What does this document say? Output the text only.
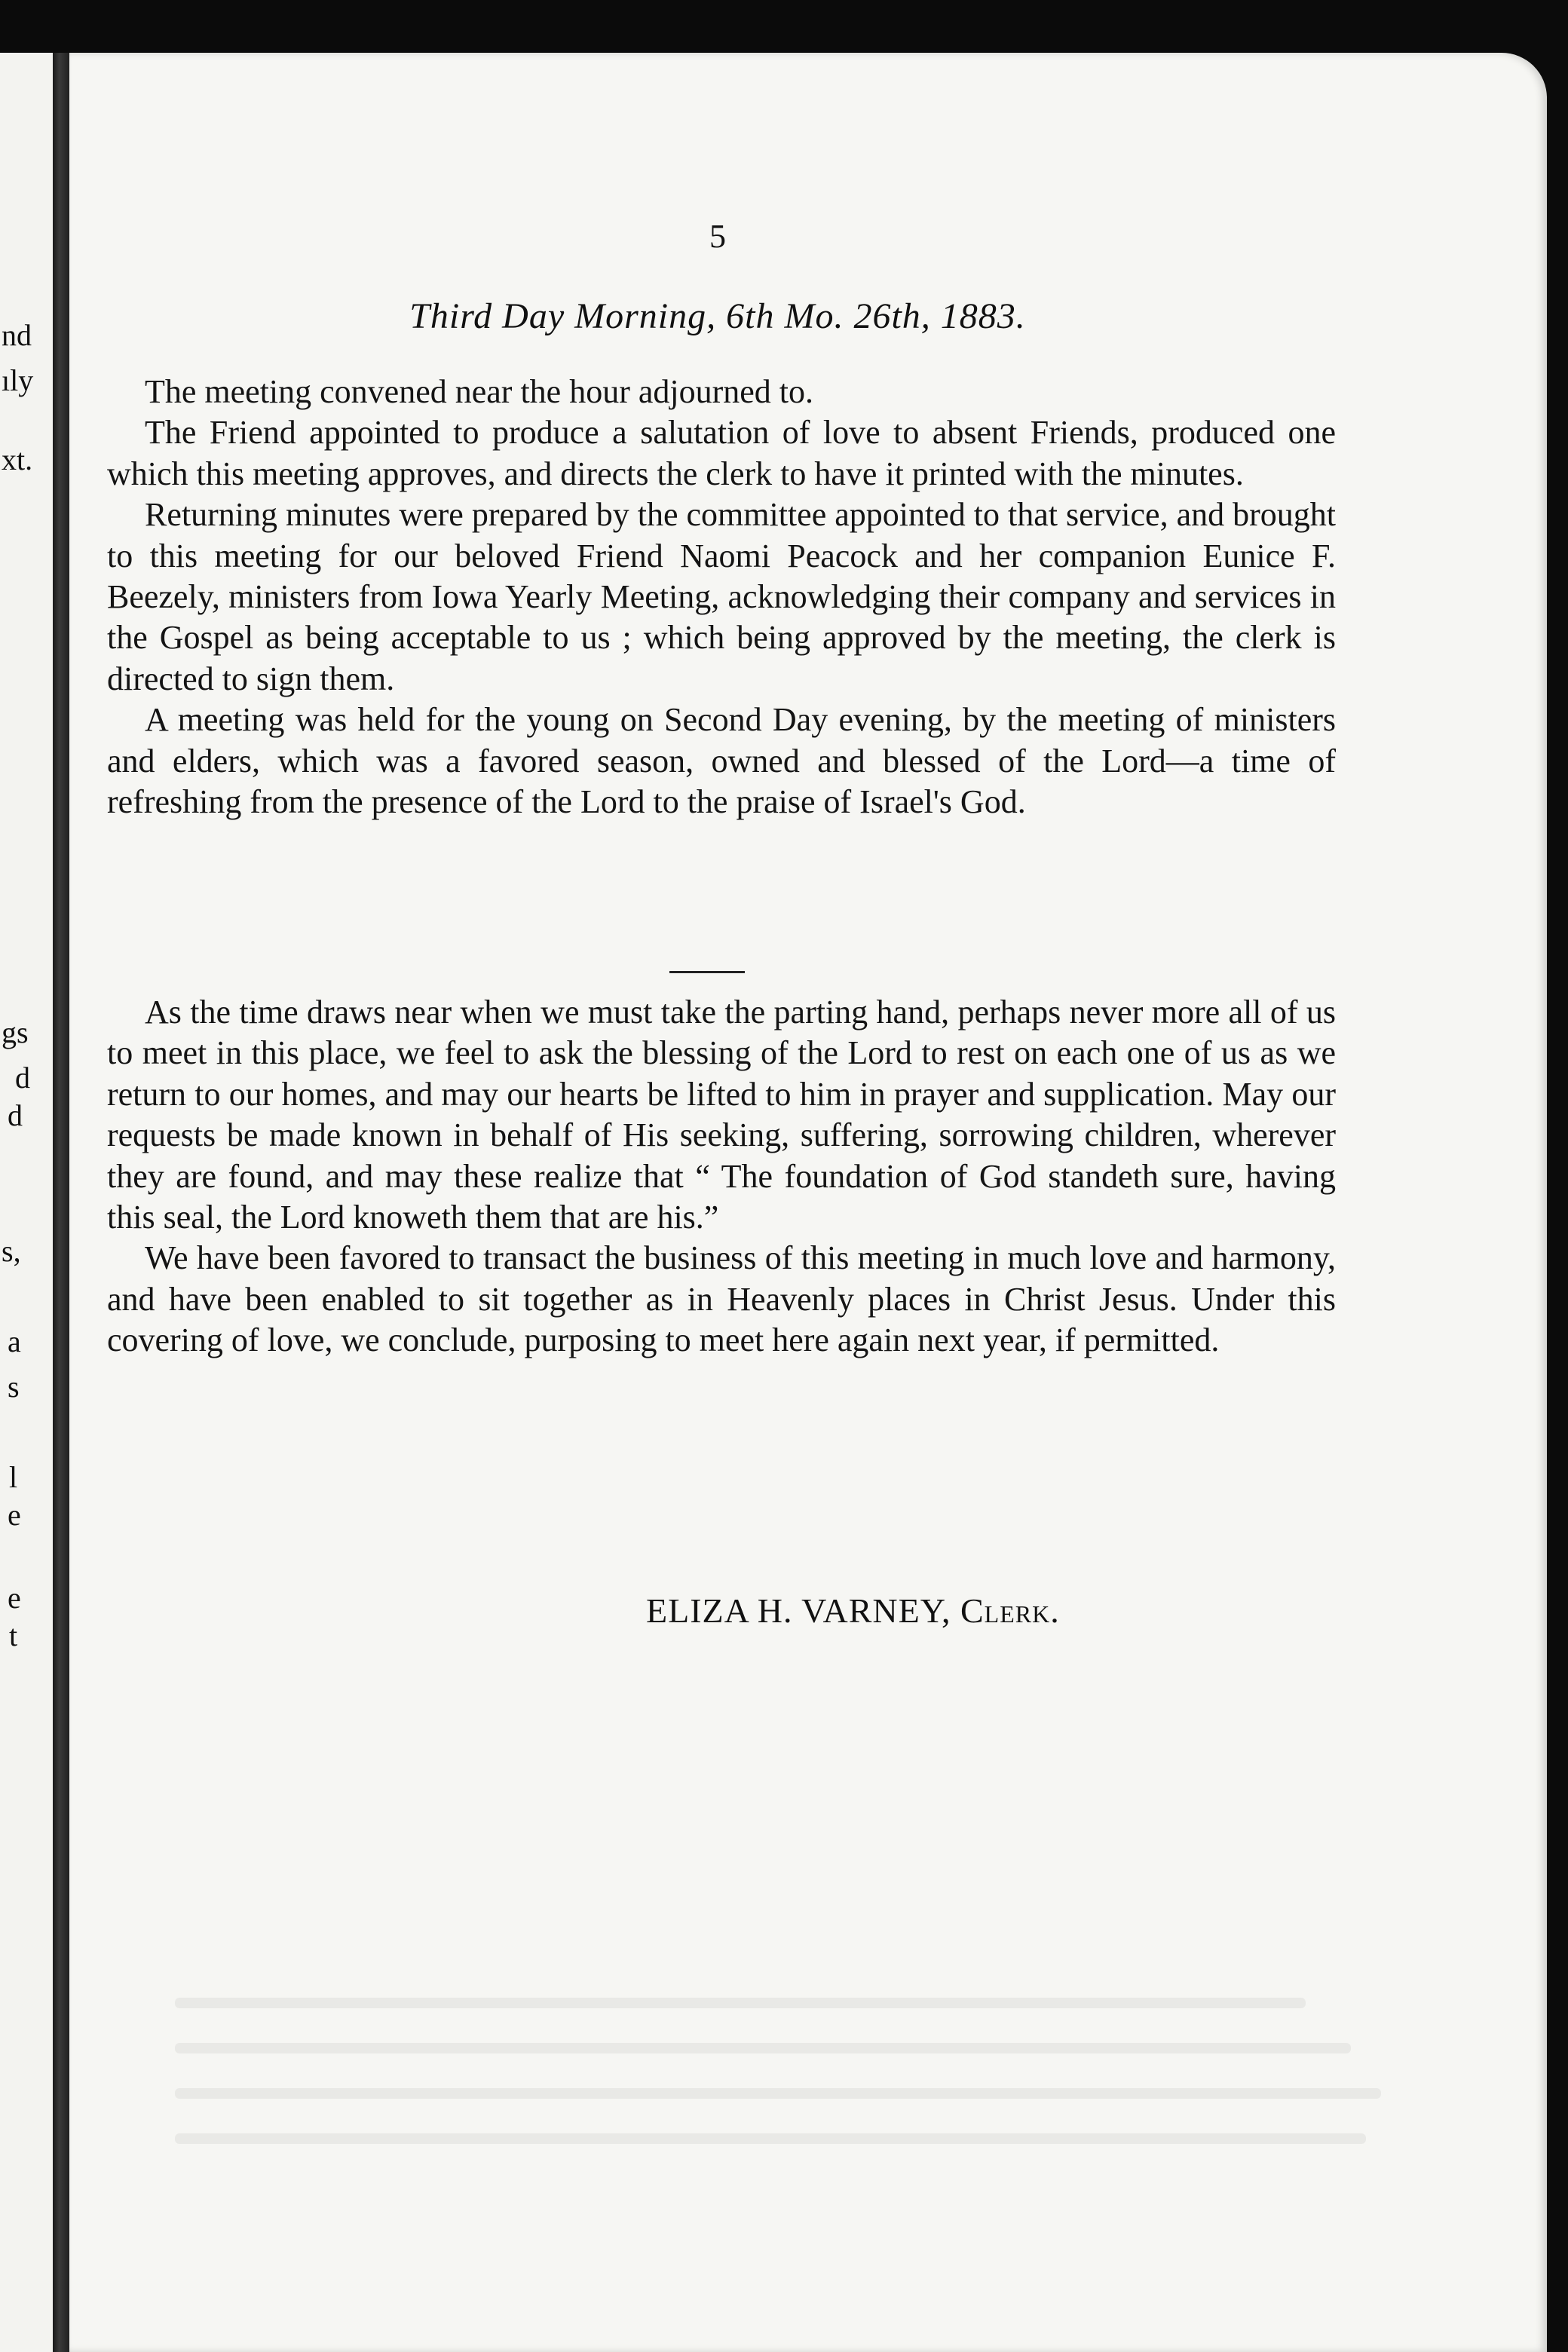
nd
ıly
xt.
gs
d
d
s,
a
s
l
e
e
t
5
Third Day Morning, 6th Mo. 26th, 1883.

The meeting convened near the hour adjourned to.

The Friend appointed to produce a salutation of love to absent Friends, produced one which this meeting approves, and directs the clerk to have it printed with the minutes.

Returning minutes were prepared by the committee appointed to that service, and brought to this meeting for our beloved Friend Naomi Peacock and her companion Eunice F. Beezely, ministers from Iowa Yearly Meeting, acknowledging their company and services in the Gospel as being acceptable to us ; which being approved by the meeting, the clerk is directed to sign them.

A meeting was held for the young on Second Day evening, by the meeting of ministers and elders, which was a favored season, owned and blessed of the Lord—a time of refreshing from the presence of the Lord to the praise of Israel's God.

As the time draws near when we must take the parting hand, perhaps never more all of us to meet in this place, we feel to ask the blessing of the Lord to rest on each one of us as we return to our homes, and may our hearts be lifted to him in prayer and supplication. May our requests be made known in behalf of His seeking, suffering, sorrowing children, wherever they are found, and may these realize that “ The foundation of God standeth sure, having this seal, the Lord knoweth them that are his.”

We have been favored to transact the business of this meeting in much love and harmony, and have been enabled to sit together as in Heavenly places in Christ Jesus. Under this covering of love, we conclude, purposing to meet here again next year, if permitted.

ELIZA H. VARNEY, Clerk.
